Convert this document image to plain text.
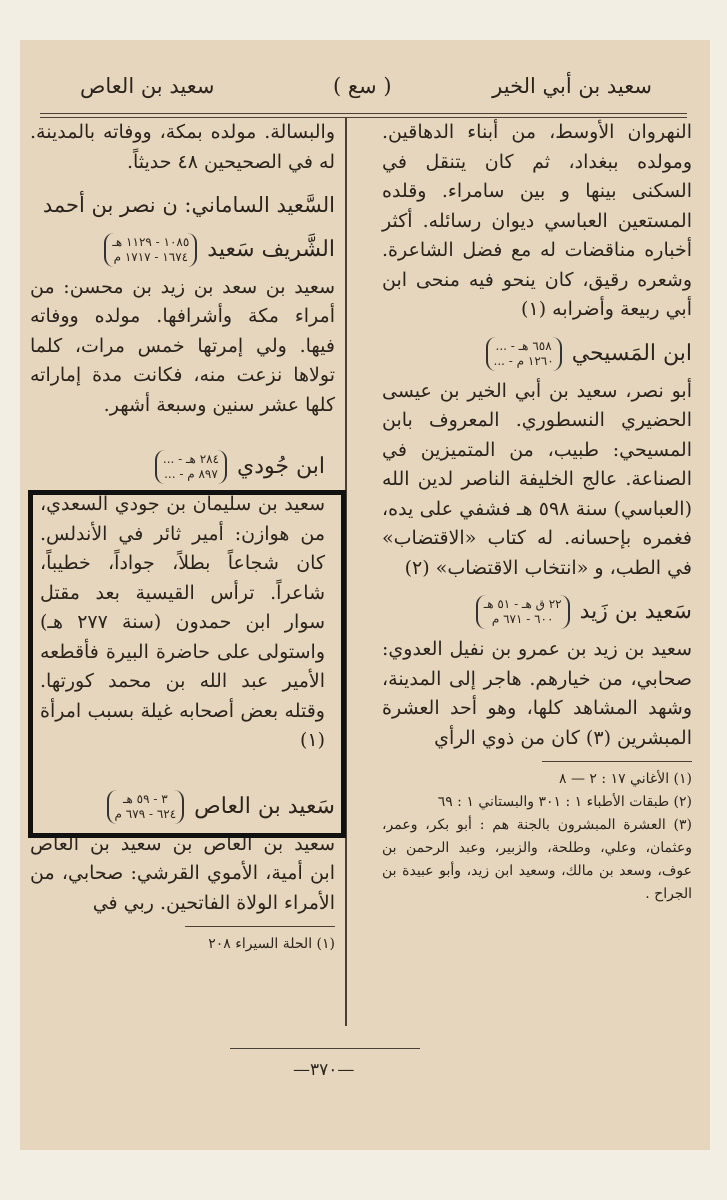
سعيد بن أبي الخير
( سع )
سعيد بن العاص

النهروان الأوسط، من أبناء الدهاقين. ومولده ببغداد، ثم كان يتنقل في السكنى بينها و بين سامراء. وقلده المستعين العباسي ديوان رسائله. أكثر أخباره مناقضات له مع فضل الشاعرة. وشعره رقيق، كان ينحو فيه منحى ابن أبي ربيعة وأضرابه (١)

ابن المَسيحي
... - ٦٥٨ هـ
... - ١٢٦٠ م

أبو نصر، سعيد بن أبي الخير بن عيسى الحضيري النسطوري. المعروف بابن المسيحي: طبيب، من المتميزين في الصناعة. عالج الخليفة الناصر لدين الله (العباسي) سنة ٥٩٨ هـ فشفي على يده، فغمره بإحسانه. له كتاب «الاقتضاب» في الطب، و «انتخاب الاقتضاب» (٢)

سَعيد بن زَيد
٢٢ ق هـ - ٥١ هـ
٦٠٠ - ٦٧١ م

سعيد بن زيد بن عمرو بن نفيل العدوي: صحابي، من خيارهم. هاجر إلى المدينة، وشهد المشاهد كلها، وهو أحد العشرة المبشرين (٣) كان من ذوي الرأي

(١) الأغاني ١٧ : ٢ — ٨

(٢) طبقات الأطباء ١ : ٣٠١ والبستاني ١ : ٦٩

(٣) العشرة المبشرون بالجنة هم : أبو بكر، وعمر، وعثمان، وعلي، وطلحة، والزبير، وعبد الرحمن بن عوف، وسعد بن مالك، وسعيد ابن زيد، وأبو عبيدة بن الجراح .

والبسالة. مولده بمكة، ووفاته بالمدينة. له في الصحيحين ٤٨ حديثاً.

السَّعيد الساماني: ن نصر بن أحمد

الشَّريف سَعيد
١٠٨٥ - ١١٢٩ هـ
١٦٧٤ - ١٧١٧ م

سعيد بن سعد بن زيد بن محسن: من أمراء مكة وأشرافها. مولده ووفاته فيها. ولي إمرتها خمس مرات، كلما تولاها نزعت منه، فكانت مدة إماراته كلها عشر سنين وسبعة أشهر.

ابن جُودي
... - ٢٨٤ هـ
... - ٨٩٧ م

سعيد بن سليمان بن جودي السعدي، من هوازن: أمير ثائر في الأندلس. كان شجاعاً بطلاً، جواداً، خطيباً، شاعراً. ترأس القيسية بعد مقتل سوار ابن حمدون (سنة ٢٧٧ هـ) واستولى على حاضرة البيرة فأقطعه الأمير عبد الله بن محمد كورتها. وقتله بعض أصحابه غيلة بسبب امرأة (١)

سَعيد بن العاص
٣ - ٥٩ هـ
٦٢٤ - ٦٧٩ م

سعيد بن العاص بن سعيد بن العاص ابن أمية، الأموي القرشي: صحابي، من الأمراء الولاة الفاتحين. ربي في

(١) الحلة السيراء ٢٠٨

—٣٧٠—
